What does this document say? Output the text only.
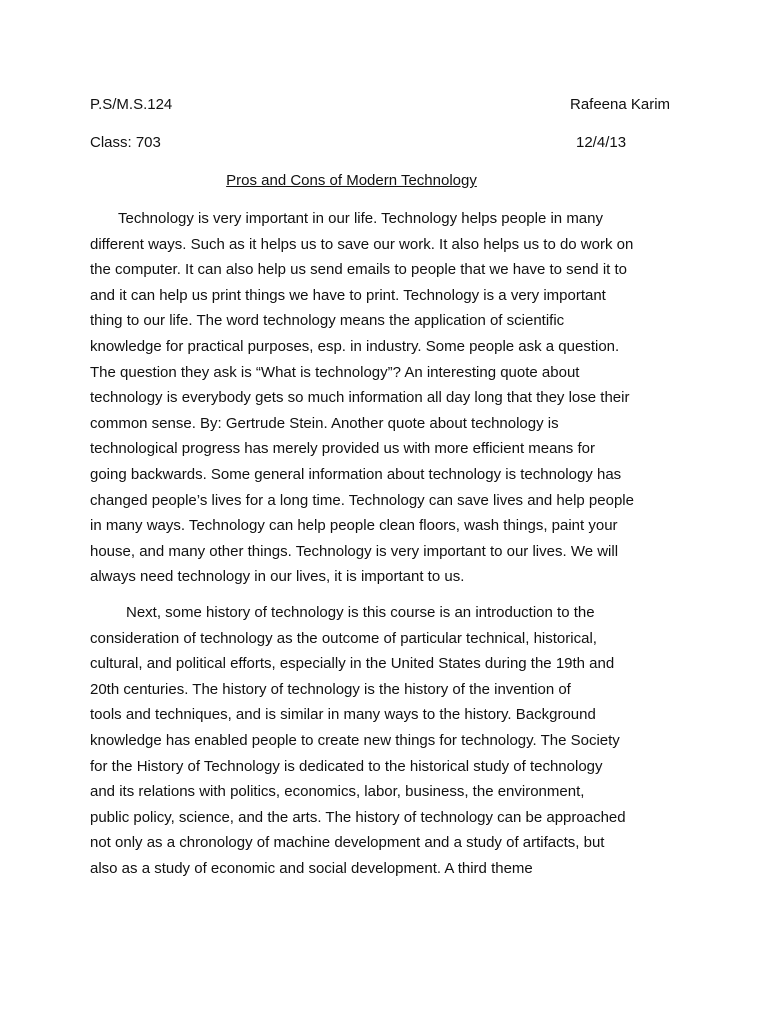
P.S/M.S.124	Rafeena Karim
Class: 703	12/4/13
Pros and Cons of Modern Technology
Technology is very important in our life. Technology helps people in many
different ways. Such as it helps us to save our work. It also helps us to do work on
the computer. It can also help us send emails to people that we have to send it to
and it can help us print things we have to print. Technology is a very important
thing to our life. The word technology means the application of scientific
knowledge for practical purposes, esp. in industry. Some people ask a question.
The question they ask is “What is technology”? An interesting quote about
technology is everybody gets so much information all day long that they lose their
common sense. By: Gertrude Stein. Another quote about technology is
technological progress has merely provided us with more efficient means for
going backwards. Some general information about technology is technology has
changed people’s lives for a long time. Technology can save lives and help people
in many ways. Technology can help people clean floors, wash things, paint your
house, and many other things. Technology is very important to our lives. We will
always need technology in our lives, it is important to us.
Next, some history of technology is this course is an introduction to the
consideration of technology as the outcome of particular technical, historical,
cultural, and political efforts, especially in the United States during the 19th and
20th centuries. The history of technology is the history of the invention of
tools and techniques, and is similar in many ways to the history. Background
knowledge has enabled people to create new things for technology. The Society
for the History of Technology is dedicated to the historical study of technology
and its relations with politics, economics, labor, business, the environment,
public policy, science, and the arts. The history of technology can be approached
not only as a chronology of machine development and a study of artifacts, but
also as a study of economic and social development. A third theme
